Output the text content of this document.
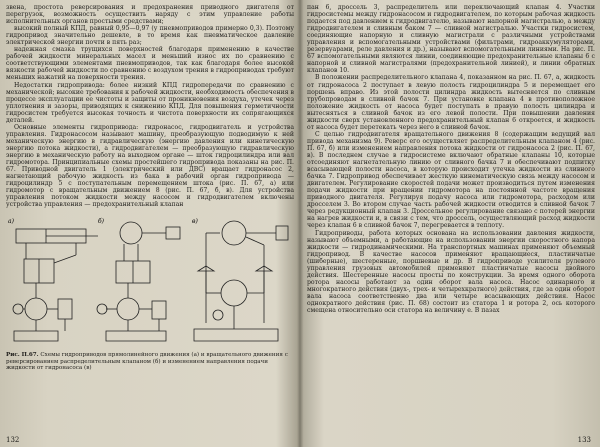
звена, простота реверсирования и предохранения приводного двигателя от перегрузок, возможность осуществить наряду с этим управление работы исполнительных органов простыми средствами;

высокий полный КПД, равный 0,95—0,97 (у пневмоприводов примерно 0,3). Поэтому гидропривод значительно дешевле, в то время как пневматическое давление электрической энергии почти в пять раз;

надежная смазка трущихся поверхностей благодаря применению в качестве рабочей жидкости минеральных масел и меньший износ их по сравнению с соответствующими элементами пневмоприводов, так как благодаря более высокой вязкости рабочей жидкости по сравнению с воздухом трения в гидроприводах требуют меньших нажатий на поверхности трения.

Недостатки гидропривода: более низкий КПД гидропередачи по сравнению с механической; высокие требования к рабочей жидкости, необходимость обеспечения в процессе эксплуатации ее чистоты и защиты от проникновения воздуха, утечек через уплотнения и зазоры, приводящих к снижению КПД. Для повышения герметичности гидросистем требуется высокая точность и чистота поверхности их сопрягающихся деталей.

Основные элементы гидропривода: гидронасос, гидродвигатель и устройства управления. Гидронасосом называют машину, преобразующую подводимую к ней механическую энергию в гидравлическую (энергию давления или кинетическую энергию потока жидкости), а гидродвигателем — преобразующую гидравлическую энергию в механическую работу на выходном органе — шток гидроцилиндра или вал гидромотора. Принципиальные схемы простейшего гидропривода показаны на рис. П. 67. Приводной двигатель 1 (электрический или ДВС) вращает гидронасос 2, нагнетающий рабочую жидкость из бака в рабочий орган гидропривода — гидроцилиндр 5 с поступательным перемещением штока (рис. П. 67, а) или гидромотор с вращательным движением 8 (рис. П. 67, б, в). Для устройства управления потоком жидкости между насосом и гидродвигателем включены устройства управления — предохранительный клапан

а)	б)	в)
Рис. П.67. Схемы гидроприводов прямолинейного движения (а) и вращательного движения с реверсированием распределительным клапаном (б) и изменением направления подачи жидкости от гидронасоса (в)
132

пан 6, дроссель 3, распределитель или переключающий клапан 4. Участки гидросистемы между гидронасосом и гидродвигателем, по которым рабочая жидкость подается под давлением к гидродвигателю, называют напорной магистралью, а между гидродвигателем и сливным баком 7 — сливной магистралью. Участки гидросистем, соединяющие напорную и сливную магистрали с различными устройствами управления и вспомогательными устройствами (фильтрами, гидроаккумуляторами, резервуарами, реле давления и др.), называют вспомогательными линиями. На рис. П. 67 вспомогательными являются линии, соединяющие предохранительные клапаны 6 с напорной и сливной магистралями (предохранительной линией), и линии обратных клапанов 10.

В положении распределительного клапана 4, показанном на рис. П. 67, а, жидкость от гидронасоса 2 поступает в левую полость гидроцилиндра 5 и перемещает его поршень вправо. Из этой полости цилиндра жидкость вытесняется по сливным трубопроводам в сливной бачок 7. При установке клапана 4 в противоположное положение жидкость от насоса будет поступать в правую полость цилиндра и вытесняться в сливной бачок из его левой полости. При повышении давления жидкости сверх установленного предохранительный клапан 6 откроется, и жидкость от насоса будет перетекать через него в сливной бачок.

С целью гидродвигателя вращательного движения 8 (содержащим ведущий вал привода механизма 9). Реверс его осуществляет распределительным клапаном 4 (рис. П. 67, б) или изменением направления потока жидкости от гидронасоса 2 (рис. П. 67, в). В последнем случае в гидросистеме включают обратные клапаны 10, которые отсоединяют нагнетательную линию от сливного бачка 7 и обеспечивают подпитку всасывающей полости насоса, в которую происходит утечка жидкости из сливного бачка 7. Гидропривод обеспечивает жесткую кинематическую связь между насосом и двигателем. Регулирование скоростей подачи может производиться путем изменения подачи жидкости при вращении гидромотора на постоянной частоте вращения приводного двигателя. Регулируя подачу насоса или гидромотора, расходом или дросселем 3. Во втором случае часть рабочей жидкости отводится в сливной бачок 7 через редукционный клапан 3. Дроссельное регулирование связано с потерей энергии на нагрев жидкости и, в связи с тем, что дроссель, осуществляющий расход жидкости через клапан 6 в сливной бачок 7, перегревается в теплоту.

Гидроприводы, работа которых основана на использовании давления жидкости, называют объемными, а работающие на использовании энергии скоростного напора жидкости — гидродинамическими. На транспортных машинах применяют объемный гидропривод. В качестве насосов применяют вращающиеся, пластинчатые (шиберные), шестеренные, поршневые и др. В гидроприводе усилителя рулевого управления грузовых автомобилей применяют пластинчатые насосы двойного действия. Шестеренные насосы просты по конструкции. За время одного оборота ротора насосы работают за один оборот вала насоса. Насос одинарного и многократного действия (двух-, трех- и четырехкратного) действия, где за один оборот вала насоса соответственно два или четыре всасывающих действия. Насос однократного действия (рис. П. 68) состоит из статора 1 и ротора 2, ось которого смещена относительно оси статора на величину е. В пазах

133
